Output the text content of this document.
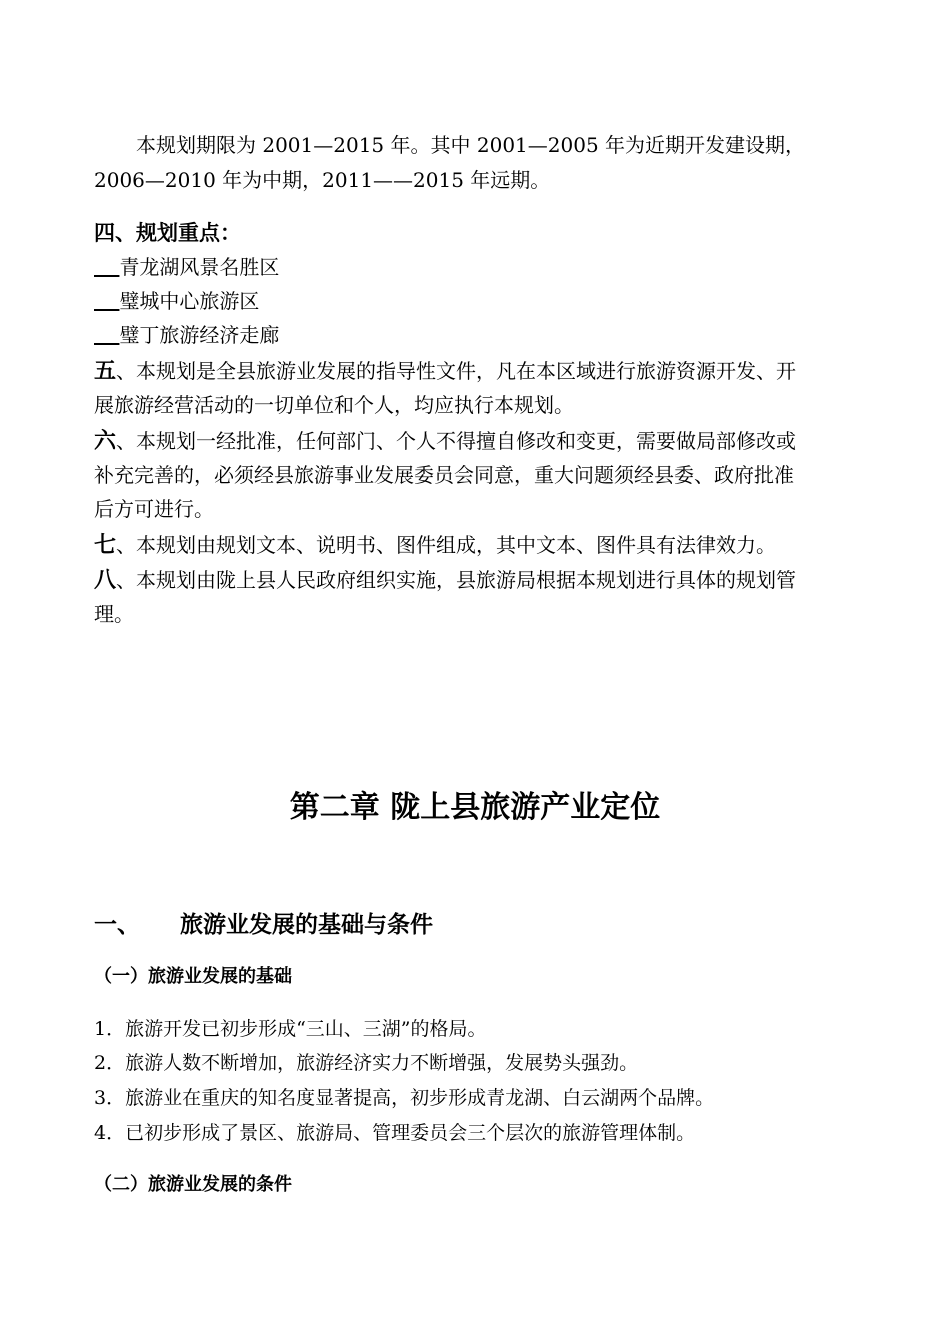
本规划期限为 2001—2015 年。其中 2001—2005 年为近期开发建设期，
2006—2010 年为中期，2011——2015 年远期。
四、规划重点：
青龙湖风景名胜区
璧城中心旅游区
璧丁旅游经济走廊
五、本规划是全县旅游业发展的指导性文件，凡在本区域进行旅游资源开发、开
展旅游经营活动的一切单位和个人，均应执行本规划。
六、本规划一经批准，任何部门、个人不得擅自修改和变更，需要做局部修改或
补充完善的，必须经县旅游事业发展委员会同意，重大问题须经县委、政府批准
后方可进行。
七、本规划由规划文本、说明书、图件组成，其中文本、图件具有法律效力。
八、本规划由陇上县人民政府组织实施，县旅游局根据本规划进行具体的规划管
理。
第二章 陇上县旅游产业定位
一、 旅游业发展的基础与条件
（一）旅游业发展的基础
1．旅游开发已初步形成“三山、三湖”的格局。
2．旅游人数不断增加，旅游经济实力不断增强，发展势头强劲。
3．旅游业在重庆的知名度显著提高，初步形成青龙湖、白云湖两个品牌。
4．已初步形成了景区、旅游局、管理委员会三个层次的旅游管理体制。
（二）旅游业发展的条件
